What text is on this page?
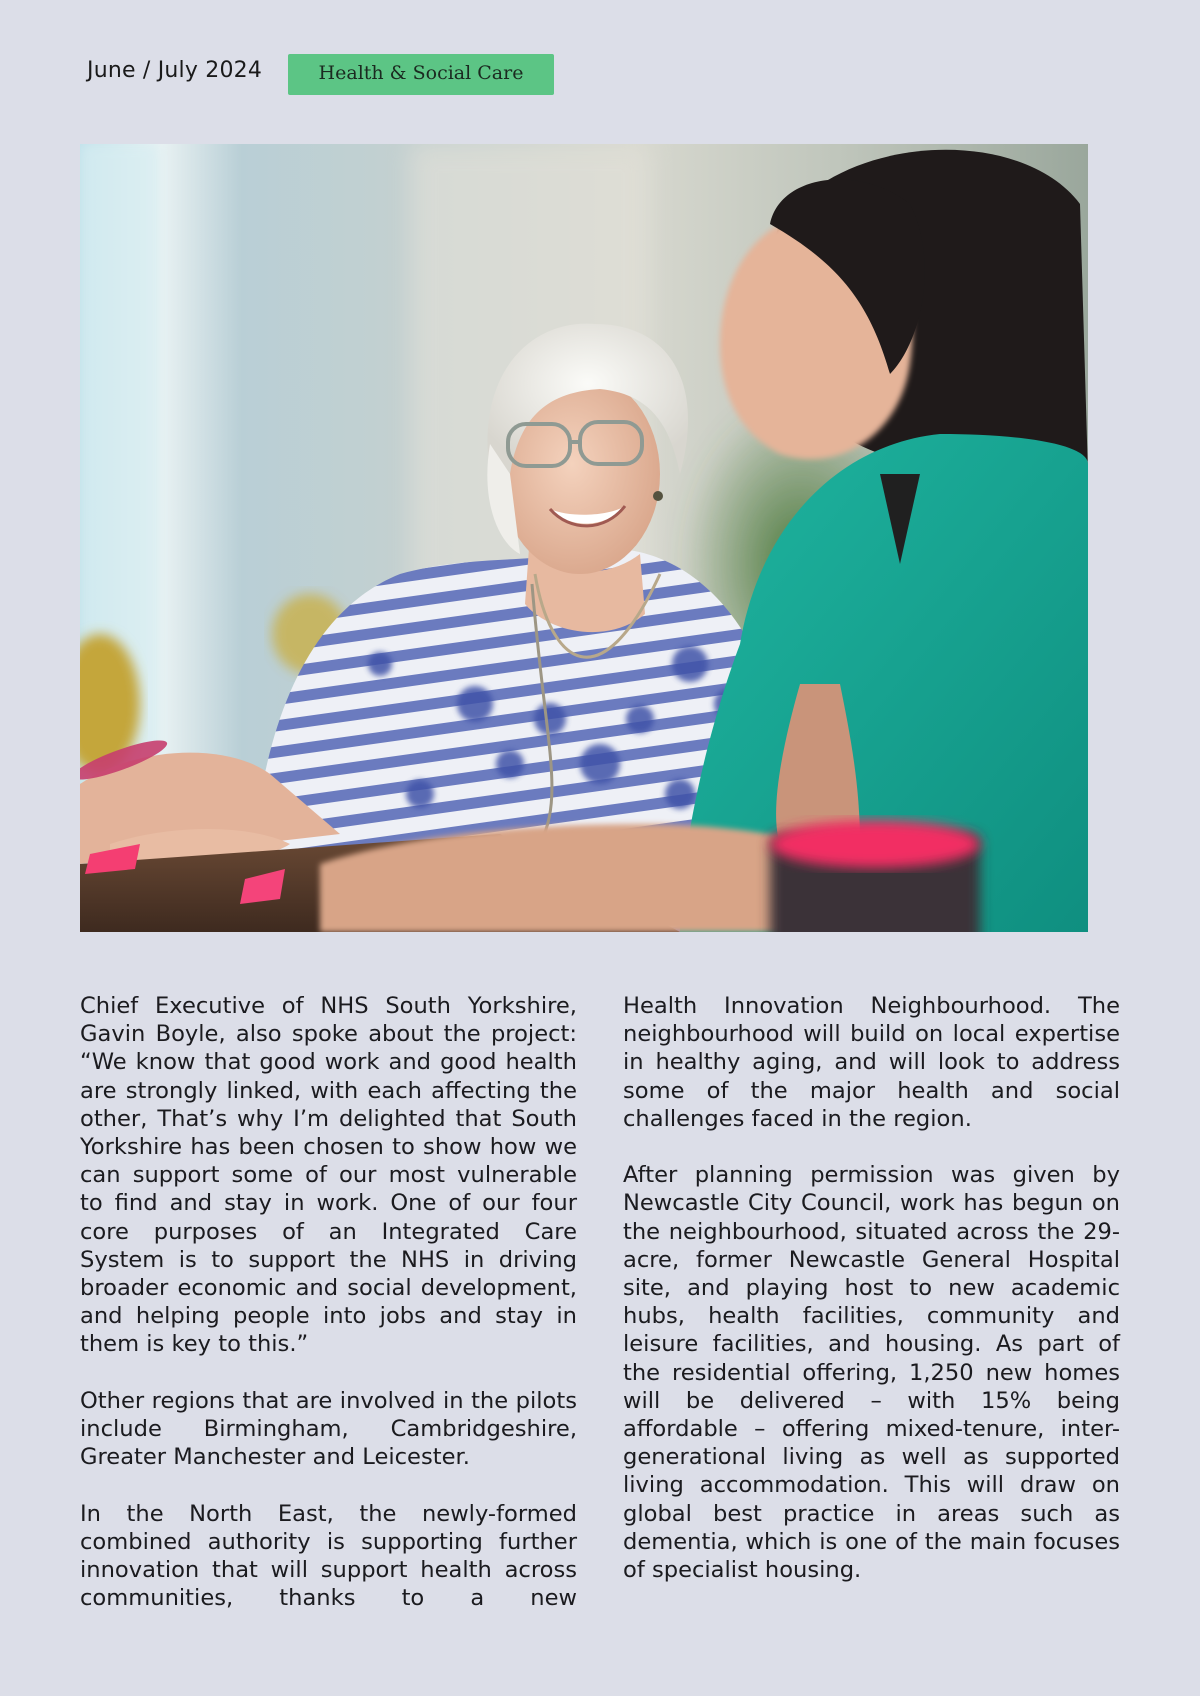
June / July 2024	Health & Social Care

Chief Executive of NHS South Yorkshire, Gavin Boyle, also spoke about the project: “We know that good work and good health are strongly linked, with each affecting the other, That’s why I’m delighted that South Yorkshire has been chosen to show how we can support some of our most vulnerable to find and stay in work. One of our four core purposes of an Integrated Care System is to support the NHS in driving broader economic and social development, and helping people into jobs and stay in them is key to this.”

Other regions that are involved in the pilots include Birmingham, Cambridgeshire, Greater Manchester and Leicester.

In the North East, the newly-formed combined authority is supporting further innovation that will support health across communities, thanks to a new

Health Innovation Neighbourhood. The neighbourhood will build on local expertise in healthy aging, and will look to address some of the major health and social challenges faced in the region.

After planning permission was given by Newcastle City Council, work has begun on the neighbourhood, situated across the 29-acre, former Newcastle General Hospital site, and playing host to new academic hubs, health facilities, community and leisure facilities, and housing. As part of the residential offering, 1,250 new homes will be delivered – with 15% being affordable – offering mixed-tenure, inter-generational living as well as supported living accommodation. This will draw on global best practice in areas such as dementia, which is one of the main focuses of specialist housing.
